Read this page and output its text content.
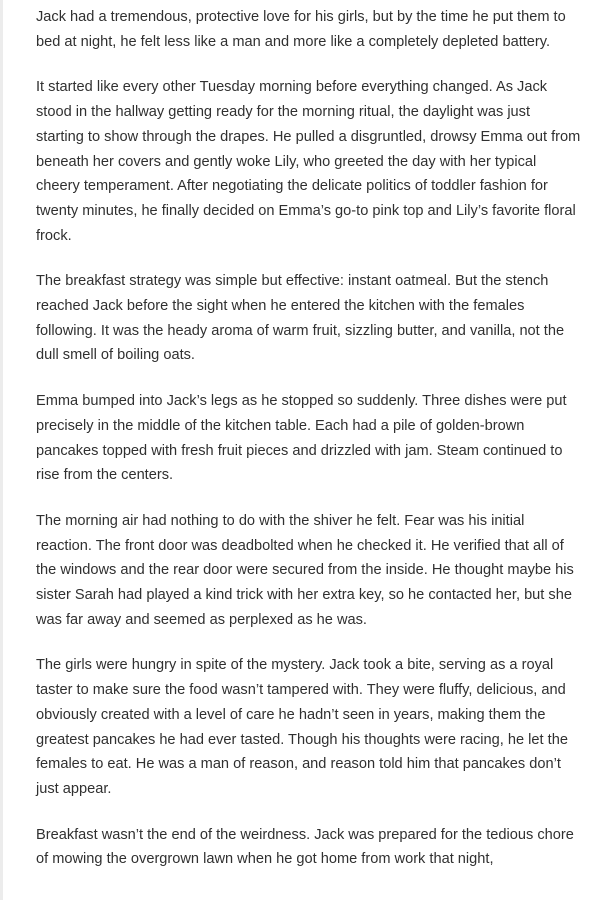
Jack had a tremendous, protective love for his girls, but by the time he put them to bed at night, he felt less like a man and more like a completely depleted battery.

It started like every other Tuesday morning before everything changed. As Jack stood in the hallway getting ready for the morning ritual, the daylight was just starting to show through the drapes. He pulled a disgruntled, drowsy Emma out from beneath her covers and gently woke Lily, who greeted the day with her typical cheery temperament. After negotiating the delicate politics of toddler fashion for twenty minutes, he finally decided on Emma’s go-to pink top and Lily’s favorite floral frock.

The breakfast strategy was simple but effective: instant oatmeal. But the stench reached Jack before the sight when he entered the kitchen with the females following. It was the heady aroma of warm fruit, sizzling butter, and vanilla, not the dull smell of boiling oats.

Emma bumped into Jack’s legs as he stopped so suddenly. Three dishes were put precisely in the middle of the kitchen table. Each had a pile of golden-brown pancakes topped with fresh fruit pieces and drizzled with jam. Steam continued to rise from the centers.

The morning air had nothing to do with the shiver he felt. Fear was his initial reaction. The front door was deadbolted when he checked it. He verified that all of the windows and the rear door were secured from the inside. He thought maybe his sister Sarah had played a kind trick with her extra key, so he contacted her, but she was far away and seemed as perplexed as he was.

The girls were hungry in spite of the mystery. Jack took a bite, serving as a royal taster to make sure the food wasn’t tampered with. They were fluffy, delicious, and obviously created with a level of care he hadn’t seen in years, making them the greatest pancakes he had ever tasted. Though his thoughts were racing, he let the females to eat. He was a man of reason, and reason told him that pancakes don’t just appear.

Breakfast wasn’t the end of the weirdness. Jack was prepared for the tedious chore of mowing the overgrown lawn when he got home from work that night,
